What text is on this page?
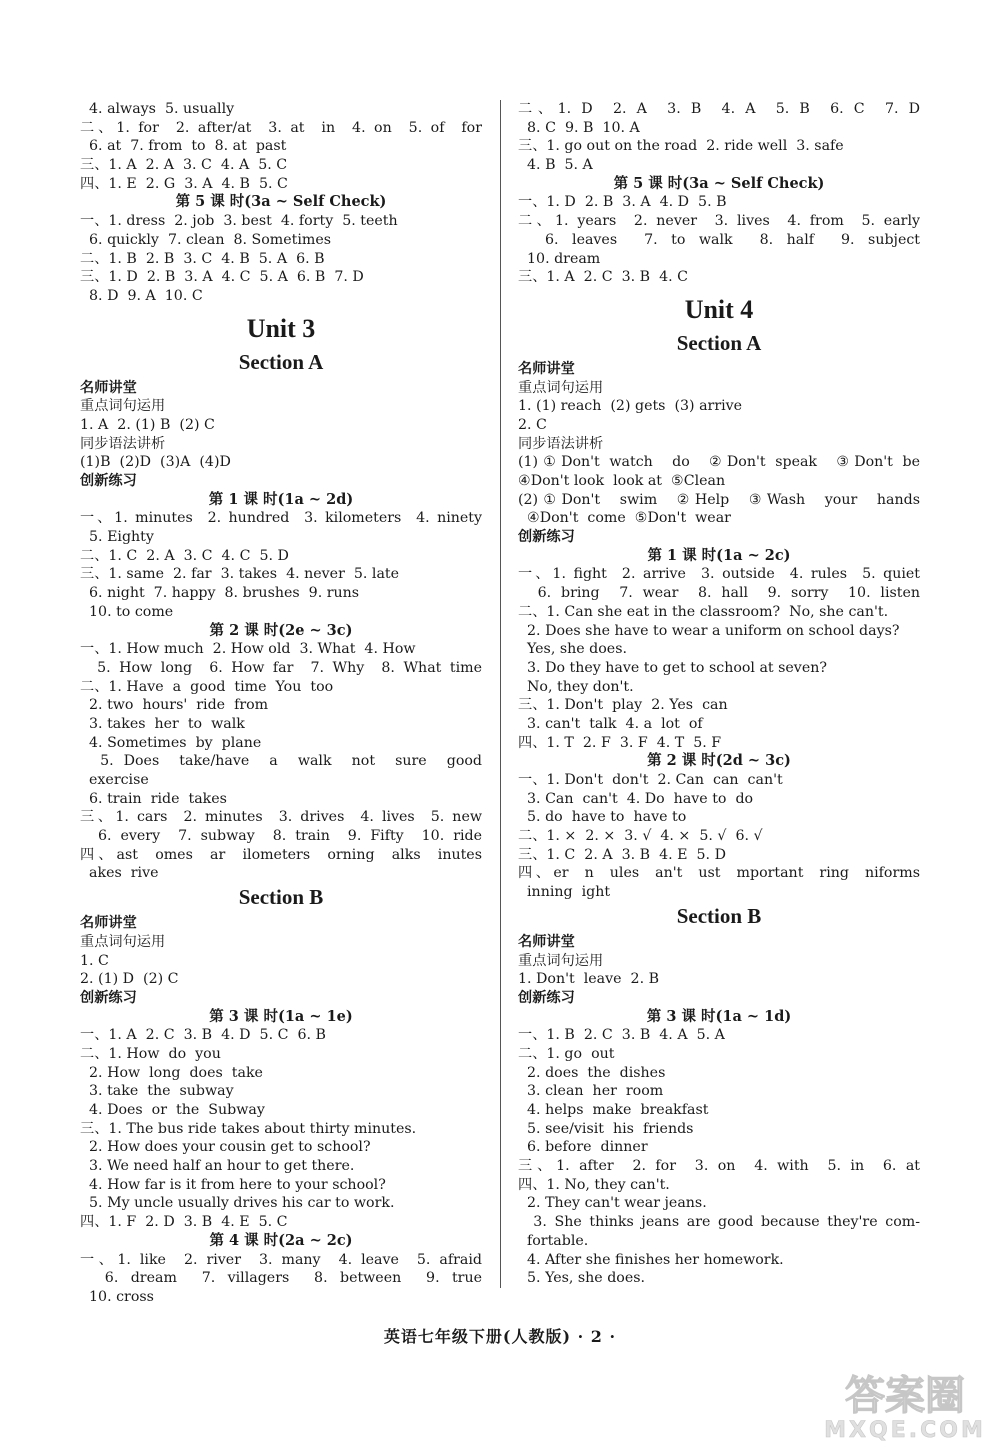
4. always  5. usually
二、1. for  2. after/at  3. at  in  4. on  5. of  for
6. at  7. from  to  8. at  past
三、1. A  2. A  3. C  4. A  5. C
四、1. E  2. G  3. A  4. B  5. C
第 5 课 时(3a ~ Self Check)
一、1. dress  2. job  3. best  4. forty  5. teeth
6. quickly  7. clean  8. Sometimes
二、1. B  2. B  3. C  4. B  5. A  6. B
三、1. D  2. B  3. A  4. C  5. A  6. B  7. D
8. D  9. A  10. C
Unit 3
Section A
名师讲堂
重点词句运用
1. A  2. (1) B  (2) C
同步语法讲析
(1)B  (2)D  (3)A  (4)D
创新练习
第 1 课 时(1a ~ 2d)
一、1. minutes  2. hundred  3. kilometers  4. ninety
5. Eighty
二、1. C  2. A  3. C  4. C  5. D
三、1. same  2. far  3. takes  4. never  5. late
6. night  7. happy  8. brushes  9. runs
10. to come
第 2 课 时(2e ~ 3c)
一、1. How much  2. How old  3. What  4. How
5. How long  6. How far  7. Why  8. What time
二、1. Have  a  good  time  You  too
2. two  hours'  ride  from
3. takes  her  to  walk
4. Sometimes  by  plane
5. Does  take/have  a  walk  not  sure  good
exercise
6. train  ride  takes
三、1. cars  2. minutes  3. drives  4. lives  5. new
6. every  7. subway  8. train  9. Fifty  10. ride
四、ast  omes  ar  ilometers  orning  alks  inutes
akes  rive
Section B
名师讲堂
重点词句运用
1. C
2. (1) D  (2) C
创新练习
第 3 课 时(1a ~ 1e)
一、1. A  2. C  3. B  4. D  5. C  6. B
二、1. How  do  you
2. How  long  does  take
3. take  the  subway
4. Does  or  the  Subway
三、1. The bus ride takes about thirty minutes.
2. How does your cousin get to school?
3. We need half an hour to get there.
4. How far is it from here to your school?
5. My uncle usually drives his car to work.
四、1. F  2. D  3. B  4. E  5. C
第 4 课 时(2a ~ 2c)
一、1. like  2. river  3. many  4. leave  5. afraid
6. dream  7. villagers  8. between  9. true
10. cross
二、1. D  2. A  3. B  4. A  5. B  6. C  7. D
8. C  9. B  10. A
三、1. go out on the road  2. ride well  3. safe
4. B  5. A
第 5 课 时(3a ~ Self Check)
一、1. D  2. B  3. A  4. D  5. B
二、1. years  2. never  3. lives  4. from  5. early
6. leaves  7. to walk  8. half  9. subject
10. dream
三、1. A  2. C  3. B  4. C
Unit 4
Section A
名师讲堂
重点词句运用
1. (1) reach  (2) gets  (3) arrive
2. C
同步语法讲析
(1)①Don't watch  do  ②Don't speak  ③Don't be
④Don't look  look at  ⑤Clean
(2)①Don't  swim  ②Help  ③Wash  your  hands
④Don't  come  ⑤Don't  wear
创新练习
第 1 课 时(1a ~ 2c)
一、1. fight  2. arrive  3. outside  4. rules  5. quiet
6. bring  7. wear  8. hall  9. sorry  10. listen
二、1. Can she eat in the classroom?  No, she can't.
2. Does she have to wear a uniform on school days?
Yes, she does.
3. Do they have to get to school at seven?
No, they don't.
三、1. Don't  play  2. Yes  can
3. can't  talk  4. a  lot  of
四、1. T  2. F  3. F  4. T  5. F
第 2 课 时(2d ~ 3c)
一、1. Don't  don't  2. Can  can  can't
3. Can  can't  4. Do  have to  do
5. do  have to  have to
二、1. ×  2. ×  3. √  4. ×  5. √  6. √
三、1. C  2. A  3. B  4. E  5. D
四、er  n  ules  an't  ust  mportant  ring  niforms
inning  ight
Section B
名师讲堂
重点词句运用
1. Don't  leave  2. B
创新练习
第 3 课 时(1a ~ 1d)
一、1. B  2. C  3. B  4. A  5. A
二、1. go  out
2. does  the  dishes
3. clean  her  room
4. helps  make  breakfast
5. see/visit  his  friends
6. before  dinner
三、1. after  2. for  3. on  4. with  5. in  6. at
四、1. No, they can't.
2. They can't wear jeans.
3. She thinks jeans are good because they're com-
fortable.
4. After she finishes her homework.
5. Yes, she does.
英语七年级下册(人教版) · 2 ·
答案圈
MXQE.COM
